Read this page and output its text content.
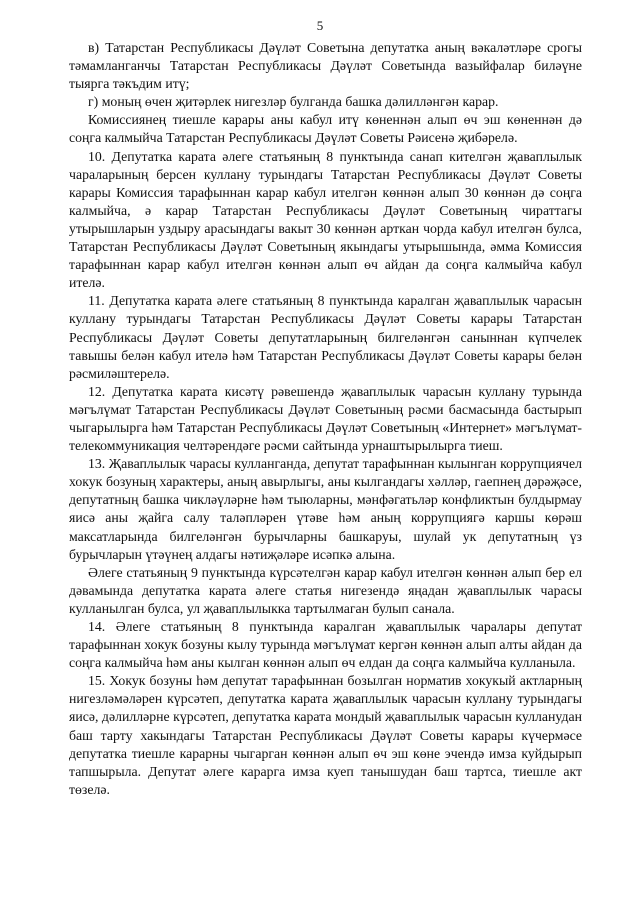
5

в) Татарстан Республикасы Дәүләт Советына депутатка аның вәкаләтләре срогы тәмамланганчы Татарстан Республикасы Дәүләт Советында вазыйфалар биләүне тыярга тәкъдим итү;

г) моның өчен җитәрлек нигезләр булганда башка дәлилләнгән карар.

Комиссиянең тиешле карары аны кабул итү көненнән алып өч эш көненнән дә соңга калмыйча Татарстан Республикасы Дәүләт Советы Рәисенә җибәрелә.

10. Депутатка карата әлеге статьяның 8 пунктында санап кителгән җаваплылык чараларының берсен куллану турындагы Татарстан Республикасы Дәүләт Советы карары Комиссия тарафыннан карар кабул ителгән көннән алып 30 көннән дә соңга калмыйча, ә карар Татарстан Республикасы Дәүләт Советының чираттагы утырышларын уздыру арасындагы вакыт 30 көннән арткан чорда кабул ителгән булса, Татарстан Республикасы Дәүләт Советының якындагы утырышында, әмма Комиссия тарафыннан карар кабул ителгән көннән алып өч айдан да соңга калмыйча кабул ителә.

11. Депутатка карата әлеге статьяның 8 пунктында каралган җаваплылык чарасын куллану турындагы Татарстан Республикасы Дәүләт Советы карары Татарстан Республикасы Дәүләт Советы депутатларының билгеләнгән саныннан күпчелек тавышы белән кабул ителә һәм Татарстан Республикасы Дәүләт Советы карары белән рәсмиләштерелә.

12. Депутатка карата кисәтү рәвешендә җаваплылык чарасын куллану турында мәгълүмат Татарстан Республикасы Дәүләт Советының рәсми басмасында бастырып чыгарылырга һәм Татарстан Республикасы Дәүләт Советының «Интернет» мәгълүмат-телекоммуникация челтәрендәге рәсми сайтында урнаштырылырга тиеш.

13. Җаваплылык чарасы кулланганда, депутат тарафыннан кылынган коррупциячел хокук бозуның характеры, аның авырлыгы, аны кылгандагы хәлләр, гаепнең дәрәҗәсе, депутатның башка чикләүләрне һәм тыюларны, мәнфәгатьләр конфликтын булдырмау яисә аны җайга салу таләпләрен үтәве һәм аның коррупциягә каршы көрәш максатларында билгеләнгән бурычларны башкаруы, шулай ук депутатның үз бурычларын үтәүнең алдагы нәтиҗәләре исәпкә алына.

Әлеге статьяның 9 пунктында күрсәтелгән карар кабул ителгән көннән алып бер ел дәвамында депутатка карата әлеге статья нигезендә яңадан җаваплылык чарасы кулланылган булса, ул җаваплылыкка тартылмаган булып санала.

14. Әлеге статьяның 8 пунктында каралган җаваплылык чаралары депутат тарафыннан хокук бозуны кылу турында мәгълүмат кергән көннән алып алты айдан да соңга калмыйча һәм аны кылган көннән алып өч елдан да соңга калмыйча кулланыла.

15. Хокук бозуны һәм депутат тарафыннан бозылган норматив хокукый актларның нигезләмәләрен күрсәтеп, депутатка карата җаваплылык чарасын куллану турындагы яисә, дәлилләрне күрсәтеп, депутатка карата мондый җаваплылык чарасын кулланудан баш тарту хакындагы Татарстан Республикасы Дәүләт Советы карары күчермәсе депутатка тиешле карарны чыгарган көннән алып өч эш көне эчендә имза куйдырып тапшырыла. Депутат әлеге карарга имза куеп танышудан баш тартса, тиешле акт төзелә.
